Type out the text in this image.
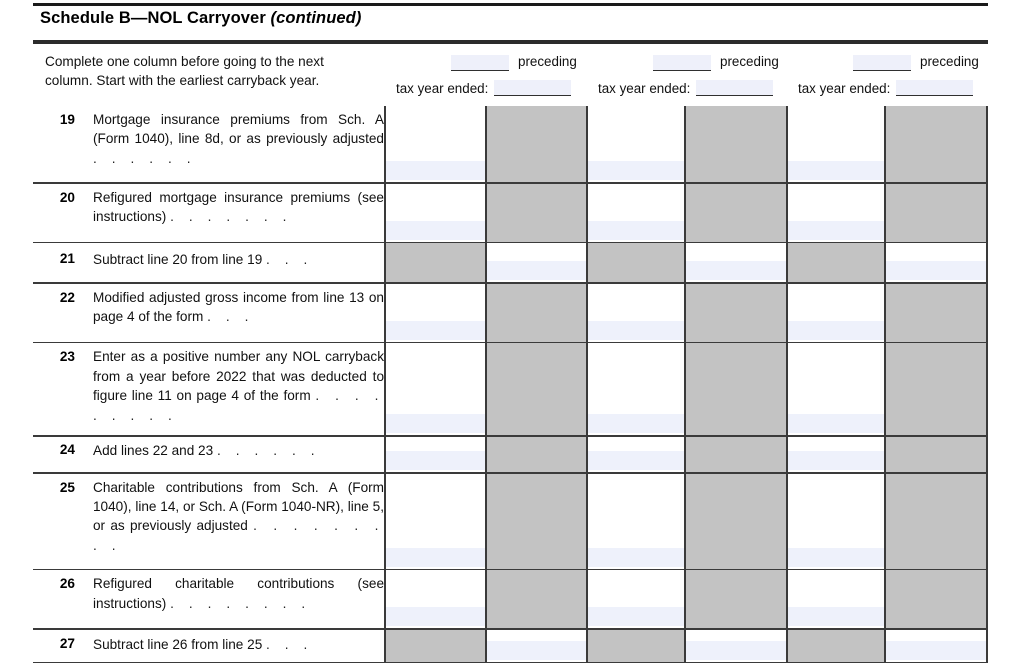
Schedule B—NOL Carryover (continued)
Complete one column before going to the next column. Start with the earliest carryback year.
preceding
tax year ended:
preceding
tax year ended:
preceding
tax year ended:
19 Mortgage insurance premiums from Sch. A (Form 1040), line 8d, or as previously adjusted . . . . . .
20 Refigured mortgage insurance premiums (see instructions) . . . . . . .
21 Subtract line 20 from line 19 . . .
22 Modified adjusted gross income from line 13 on page 4 of the form . . .
23 Enter as a positive number any NOL carryback from a year before 2022 that was deducted to figure line 11 on page 4 of the form . . . . . . . . .
24 Add lines 22 and 23 . . . . . .
25 Charitable contributions from Sch. A (Form 1040), line 14, or Sch. A (Form 1040-NR), line 5, or as previously adjusted . . . . . . . . .
26 Refigured charitable contributions (see instructions) . . . . . . . .
27 Subtract line 26 from line 25 . . .
